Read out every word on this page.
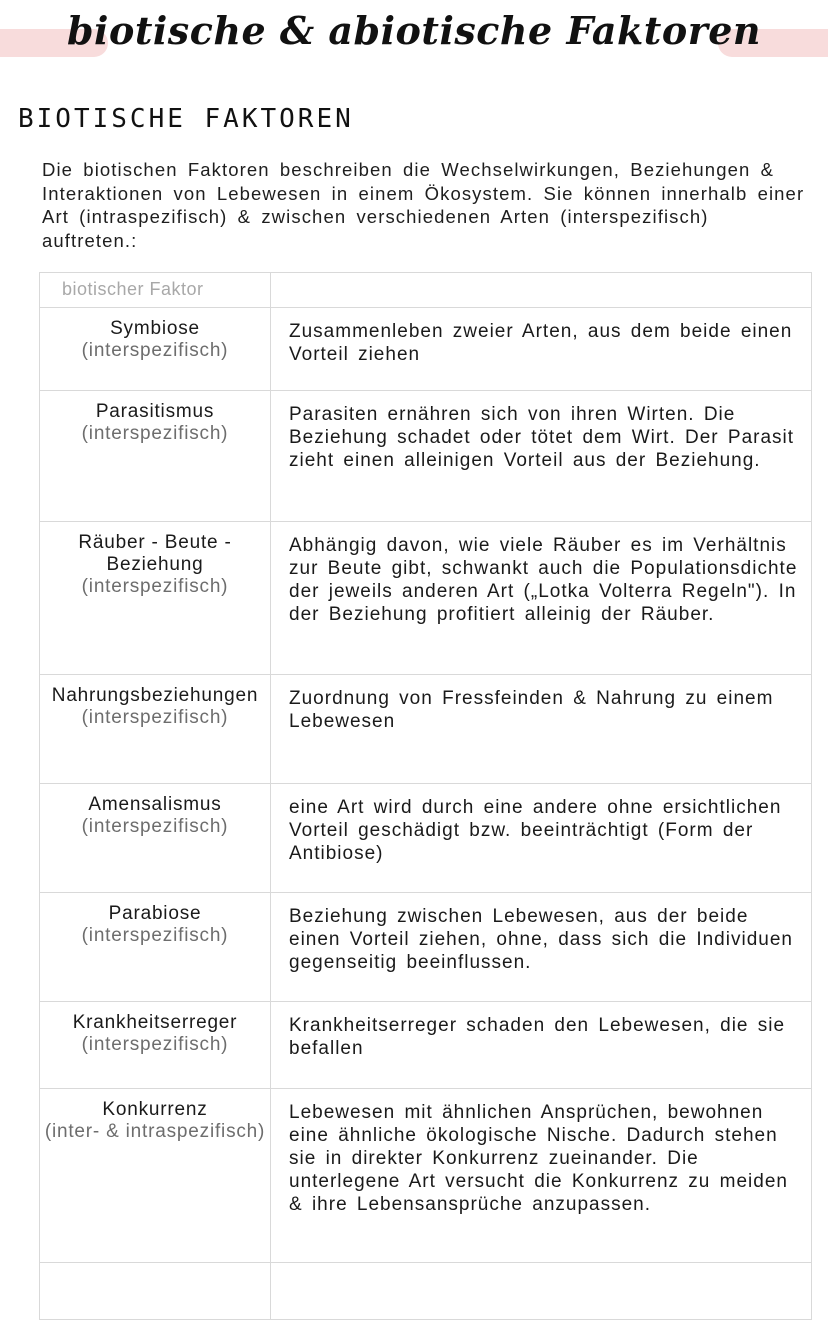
biotische & abiotische Faktoren
BIOTISCHE FAKTOREN
Die biotischen Faktoren beschreiben die Wechselwirkungen, Beziehungen & Interaktionen von Lebewesen in einem Ökosystem. Sie können innerhalb einer Art (intraspezifisch) & zwischen verschiedenen Arten (interspezifisch) auftreten.:
biotischer Faktor	

Symbiose
(interspezifisch)	Zusammenleben zweier Arten, aus dem beide einen Vorteil ziehen

Parasitismus
(interspezifisch)	Parasiten ernähren sich von ihren Wirten. Die Beziehung schadet oder tötet dem Wirt. Der Parasit zieht einen alleinigen Vorteil aus der Beziehung.

Räuber - Beute - Beziehung
(interspezifisch)	Abhängig davon, wie viele Räuber es im Verhältnis zur Beute gibt, schwankt auch die Populationsdichte der jeweils anderen Art („Lotka Volterra Regeln"). In der Beziehung profitiert alleinig der Räuber.

Nahrungsbeziehungen
(interspezifisch)	Zuordnung von Fressfeinden & Nahrung zu einem Lebewesen

Amensalismus
(interspezifisch)	eine Art wird durch eine andere ohne ersichtlichen Vorteil geschädigt bzw. beeinträchtigt (Form der Antibiose)

Parabiose
(interspezifisch)	Beziehung zwischen Lebewesen, aus der beide einen Vorteil ziehen, ohne, dass sich die Individuen gegenseitig beeinflussen.

Krankheitserreger
(interspezifisch)	Krankheitserreger schaden den Lebewesen, die sie befallen

Konkurrenz
(inter- & intraspezifisch)	Lebewesen mit ähnlichen Ansprüchen, bewohnen eine ähnliche ökologische Nische. Dadurch stehen sie in direkter Konkurrenz zueinander. Die unterlegene Art versucht die Konkurrenz zu meiden & ihre Lebensansprüche anzupassen.
